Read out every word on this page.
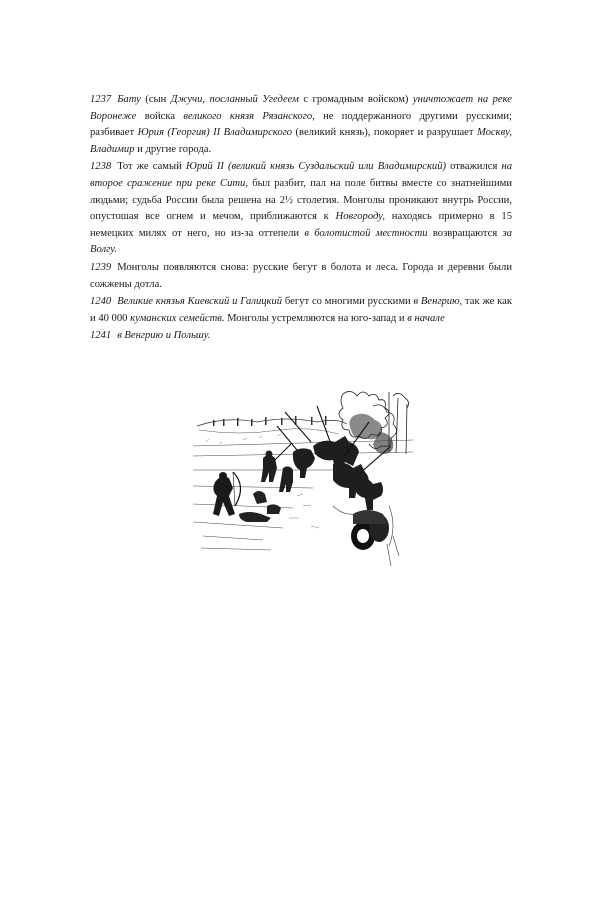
1237 Бату (сын Джучи, посланный Угедеем с громадным войском) уничтожает на реке Воронеже войска великого князя Рязанского, не поддержанного другими русскими; разбивает Юрия (Георгия) II Владимирского (великий князь), покоряет и разрушает Москву, Владимир и другие города.
1238 Тот же самый Юрий II (великий князь Суздальский или Владимирский) отважился на второе сражение при реке Сити, был разбит, пал на поле битвы вместе со знатнейшими людьми; судьба России была решена на 2½ столетия. Монголы проникают внутрь России, опустошая все огнем и мечом, приближаются к Новгороду, находясь примерно в 15 немецких милях от него, но из-за оттепели в болотистой местности возвращаются за Волгу.
1239 Монголы появляются снова: русские бегут в болота и леса. Города и деревни были сожжены дотла.
1240 Великие князья Киевский и Галицкий бегут со многими русскими в Венгрию, так же как и 40 000 куманских семейств. Монголы устремляются на юго-запад и в начале
1241 в Венгрию и Польшу.
